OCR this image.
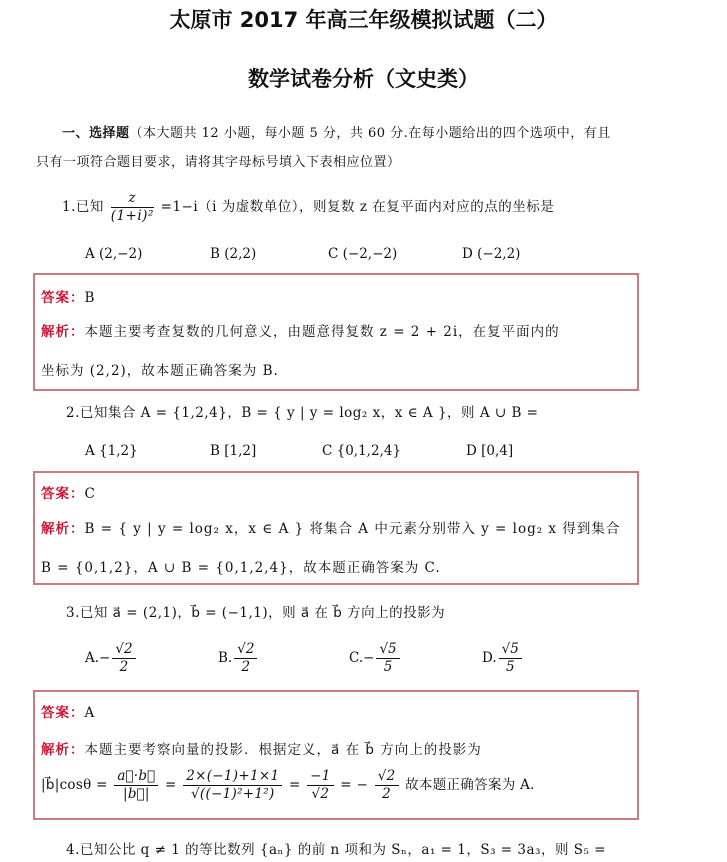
太原市 2017 年高三年级模拟试题（二）
数学试卷分析（文史类）
一、选择题（本大题共 12 小题，每小题 5 分，共 60 分.在每小题给出的四个选项中，有且
只有一项符合题目要求，请将其字母标号填入下表相应位置）
1.已知 $\frac{z}{\text{(1+i)²}} =1-i(i$ 为虚数单位），则复数 z 在复平面内对应的点的坐标是
A (2,−2)	B (2,2)	C (−2,−2)	D (−2,2)
答案：B
解析：本题主要考查复数的几何意义，由题意得复数 z = 2 + 2i，在复平面内的
坐标为 (2,2)，故本题正确答案为 B.
2.已知集合 A = {1,2,4}，B = { y | y = log₂ x，x ∈ A }，则 A ∪ B =
A {1,2}	B [1,2]	C {0,1,2,4}	D [0,4]
答案：C
解析：B = { y | y = log₂ x，x ∈ A } 将集合 A 中元素分别带入 y = log₂ x 得到集合
B = {0,1,2}，A ∪ B = {0,1,2,4}，故本题正确答案为 C.
3.已知 a⃗ = (2,1)，b⃗ = (−1,1)，则 a⃗ 在 b⃗ 方向上的投影为
$A.- \frac{√2}{2}$	B. $\frac{√2}{2}$	$C.- \frac{√5}{5}$	D. $\frac{√5}{5}$
答案：A
解析：本题主要考察向量的投影．根据定义，a⃗ 在 b⃗ 方向上的投影为
|b⃗|cosθ = $\frac{a⃗\cdot b⃗}{|b⃗|} = \frac{2\times(-1)+1\times 1}{\text{√((−1)²+1²)}} = \frac{-1}{√2}$ = − $\frac{√2}{2}$ 故本题正确答案为 A.
4.已知公比 q ≠ 1 的等比数列 {aₙ} 的前 n 项和为 Sₙ，a₁ = 1，S₃ = 3a₃，则 S₅ =
